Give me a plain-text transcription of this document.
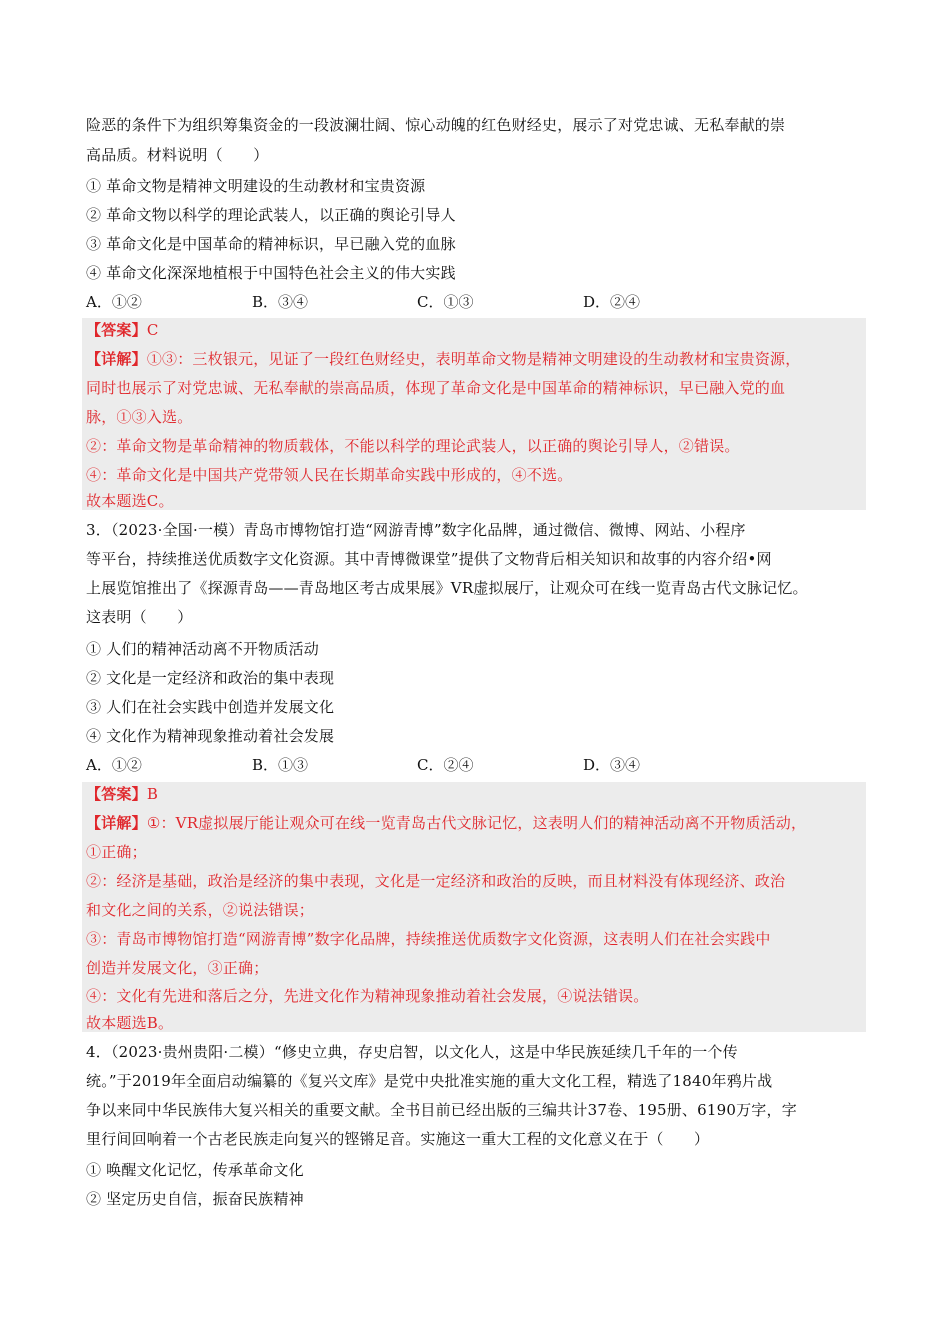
险恶的条件下为组织筹集资金的一段波澜壮阔、惊心动魄的红色财经史，展示了对党忠诚、无私奉献的崇
高品质。材料说明（　　）
① 革命文物是精神文明建设的生动教材和宝贵资源
② 革命文物以科学的理论武装人，以正确的舆论引导人
③ 革命文化是中国革命的精神标识，早已融入党的血脉
④ 革命文化深深地植根于中国特色社会主义的伟大实践
A．①②	B．③④	C．①③	D．②④
【答案】C
【详解】①③：三枚银元，见证了一段红色财经史，表明革命文物是精神文明建设的生动教材和宝贵资源，
同时也展示了对党忠诚、无私奉献的崇高品质，体现了革命文化是中国革命的精神标识，早已融入党的血
脉，①③入选。
②：革命文物是革命精神的物质载体，不能以科学的理论武装人，以正确的舆论引导人，②错误。
④：革命文化是中国共产党带领人民在长期革命实践中形成的，④不选。
故本题选C。
3．（2023·全国·一模）青岛市博物馆打造“网游青博”数字化品牌，通过微信、微博、网站、小程序
等平台，持续推送优质数字文化资源。其中青博微课堂”提供了文物背后相关知识和故事的内容介绍•网
上展览馆推出了《探源青岛——青岛地区考古成果展》VR虚拟展厅，让观众可在线一览青岛古代文脉记忆。
这表明（　　）
① 人们的精神活动离不开物质活动
② 文化是一定经济和政治的集中表现
③ 人们在社会实践中创造并发展文化
④ 文化作为精神现象推动着社会发展
A．①②	B．①③	C．②④	D．③④
【答案】B
【详解】①：VR虚拟展厅能让观众可在线一览青岛古代文脉记忆，这表明人们的精神活动离不开物质活动，
①正确；
②：经济是基础，政治是经济的集中表现，文化是一定经济和政治的反映，而且材料没有体现经济、政治
和文化之间的关系，②说法错误；
③：青岛市博物馆打造“网游青博”数字化品牌，持续推送优质数字文化资源，这表明人们在社会实践中
创造并发展文化，③正确；
④：文化有先进和落后之分，先进文化作为精神现象推动着社会发展，④说法错误。
故本题选B。
4．（2023·贵州贵阳·二模）“修史立典，存史启智，以文化人，这是中华民族延续几千年的一个传
统。”于2019年全面启动编纂的《复兴文库》是党中央批准实施的重大文化工程，精选了1840年鸦片战
争以来同中华民族伟大复兴相关的重要文献。全书目前已经出版的三编共计37卷、195册、6190万字，字
里行间回响着一个古老民族走向复兴的铿锵足音。实施这一重大工程的文化意义在于（　　）
① 唤醒文化记忆，传承革命文化
② 坚定历史自信，振奋民族精神
